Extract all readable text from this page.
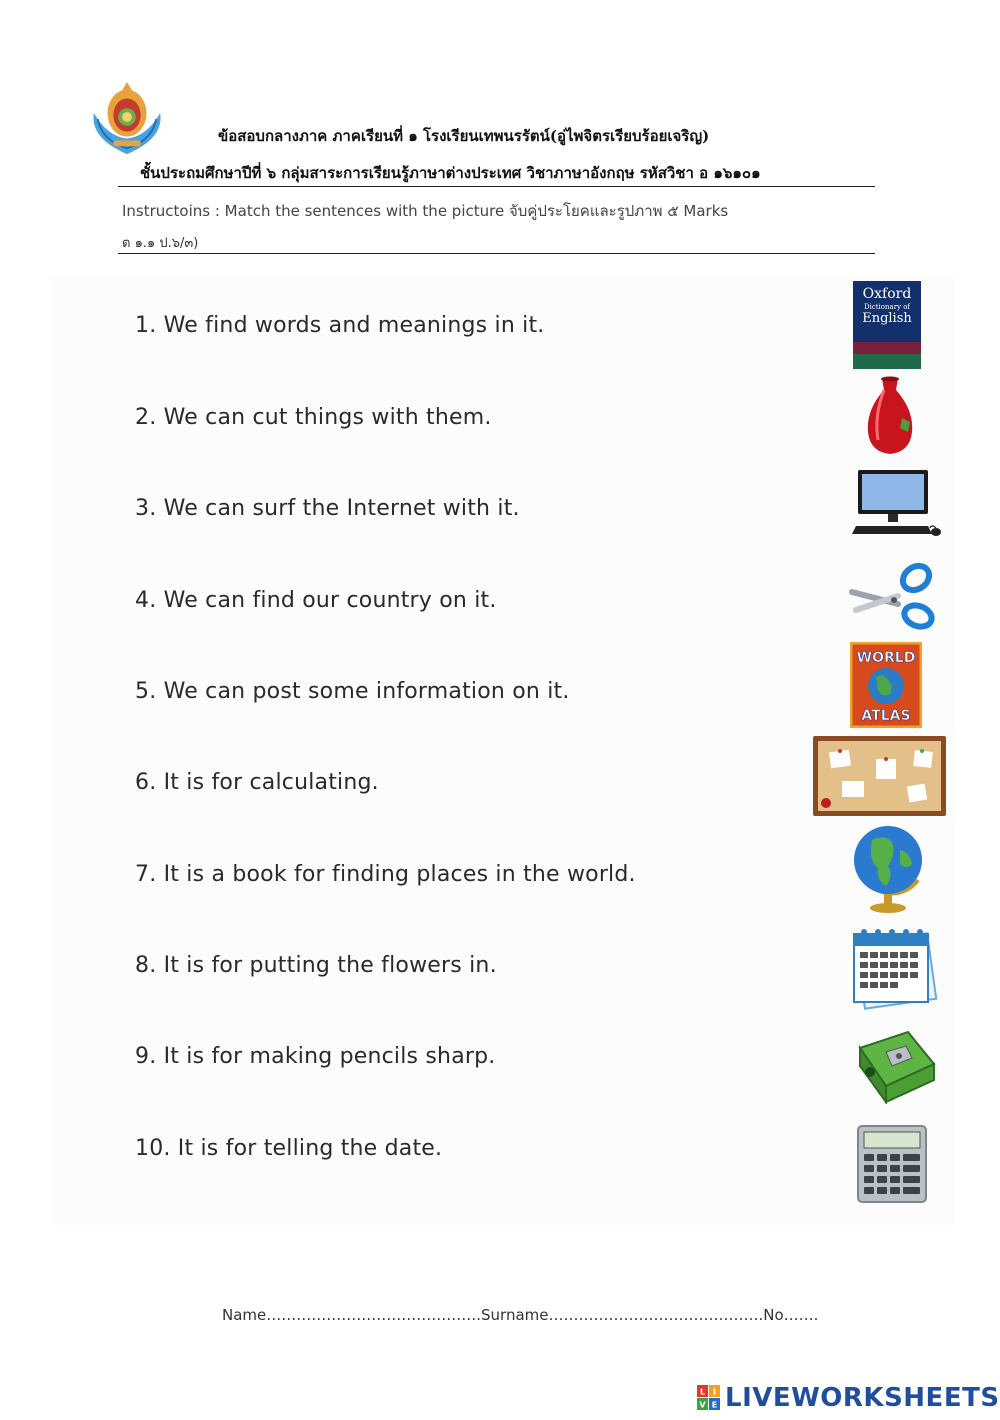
ข้อสอบกลางภาค ภาคเรียนที่ ๑ โรงเรียนเทพนรรัตน์(อู่ไพจิตรเรียบร้อยเจริญ)
ชั้นประถมศึกษาปีที่ ๖ กลุ่มสาระการเรียนรู้ภาษาต่างประเทศ วิชาภาษาอังกฤษ รหัสวิชา อ ๑๖๑๐๑
Instructoins : Match the sentences with the picture จับคู่ประโยคและรูปภาพ ๕ Marks
ต ๑.๑ ป.๖/๓)
1. We find words and meanings in it.
2. We can cut things with them.
3. We can surf the Internet with it.
4. We can find our country on it.
5. We can post some information on it.
6. It is for calculating.
7. It is a book for finding places in the world.
8. It is for putting the flowers in.
9. It is for making pencils sharp.
10. It is for telling the date.
Oxford
Dictionary of
English
WORLD
ATLAS
Name…………………………………….Surname…………………………………….No…….
L I
V E LIVEWORKSHEETS
